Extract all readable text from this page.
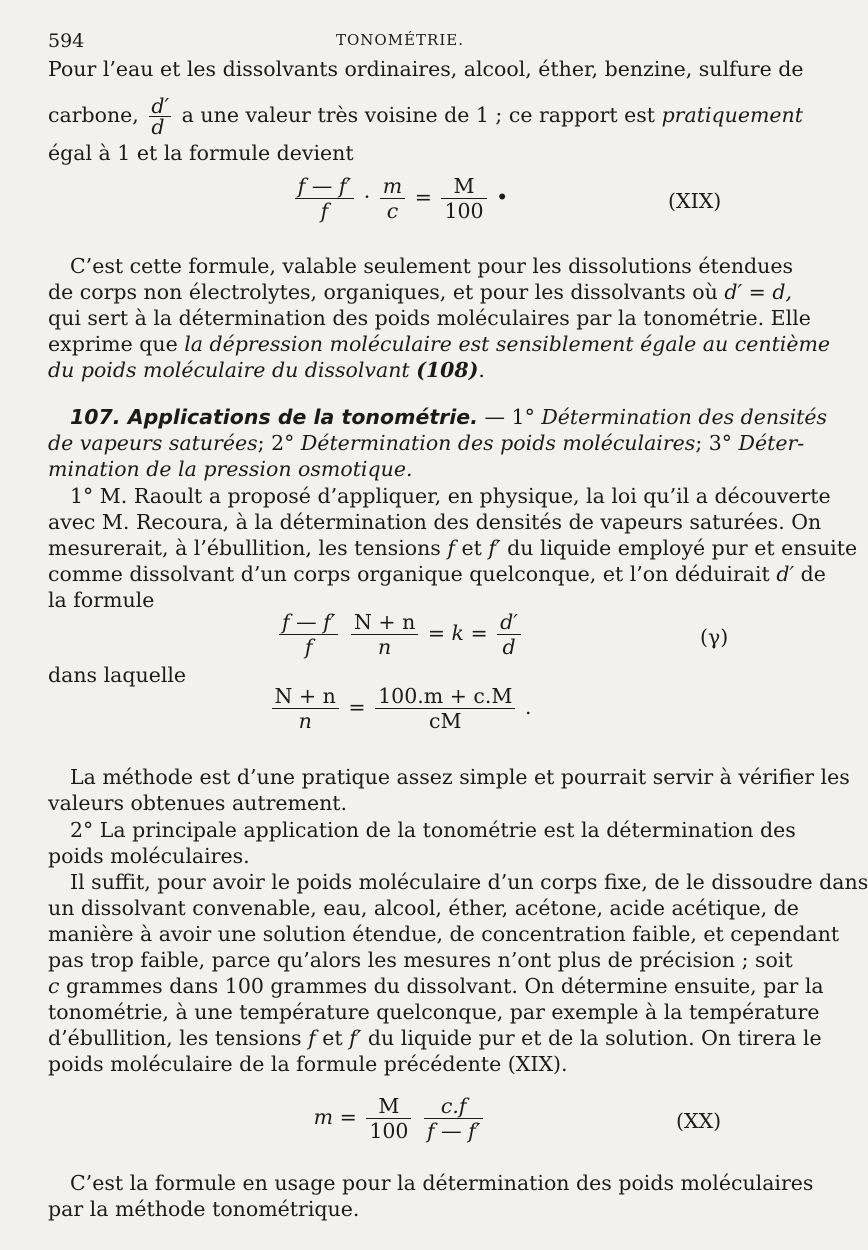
594	TONOMÉTRIE.
Pour l’eau et les dissolvants ordinaires, alcool, éther, benzine, sulfure de
carbone, $\frac{d'}{d}$ a une valeur très voisine de 1 ; ce rapport est pratiquement
égal à 1 et la formule devient
$\frac{f — f'}{f} \cdot \frac{m}{c} = \frac{M}{100}$ •	(XIX)
C’est cette formule, valable seulement pour les dissolutions étendues
de corps non électrolytes, organiques, et pour les dissolvants où d′ = d,
qui sert à la détermination des poids moléculaires par la tonométrie. Elle
exprime que la dépression moléculaire est sensiblement égale au centième
du poids moléculaire du dissolvant (108).
107. Applications de la tonométrie. — 1° Détermination des densités
de vapeurs saturées; 2° Détermination des poids moléculaires; 3° Déter-
mination de la pression osmotique.
1° M. Raoult a proposé d’appliquer, en physique, la loi qu’il a découverte
avec M. Recoura, à la détermination des densités de vapeurs saturées. On
mesurerait, à l’ébullition, les tensions f et f′ du liquide employé pur et ensuite
comme dissolvant d’un corps organique quelconque, et l’on déduirait d′ de
la formule
$\frac{f — f'}{f}$
$\frac{N + n}{n} = k = \frac{d'}{d}$	(γ)
dans laquelle
$\frac{N + n}{n} = \frac{100.m + c.M}{cM}$ .
La méthode est d’une pratique assez simple et pourrait servir à vérifier les
valeurs obtenues autrement.
2° La principale application de la tonométrie est la détermination des
poids moléculaires.
Il suffit, pour avoir le poids moléculaire d’un corps fixe, de le dissoudre dans
un dissolvant convenable, eau, alcool, éther, acétone, acide acétique, de
manière à avoir une solution étendue, de concentration faible, et cependant
pas trop faible, parce qu’alors les mesures n’ont plus de précision ; soit
c grammes dans 100 grammes du dissolvant. On détermine ensuite, par la
tonométrie, à une température quelconque, par exemple à la température
d’ébullition, les tensions f et f′ du liquide pur et de la solution. On tirera le
poids moléculaire de la formule précédente (XIX).
$m = \frac{M}{100}$
$\frac{c.f}{f — f'}$	(XX)
C’est la formule en usage pour la détermination des poids moléculaires
par la méthode tonométrique.
